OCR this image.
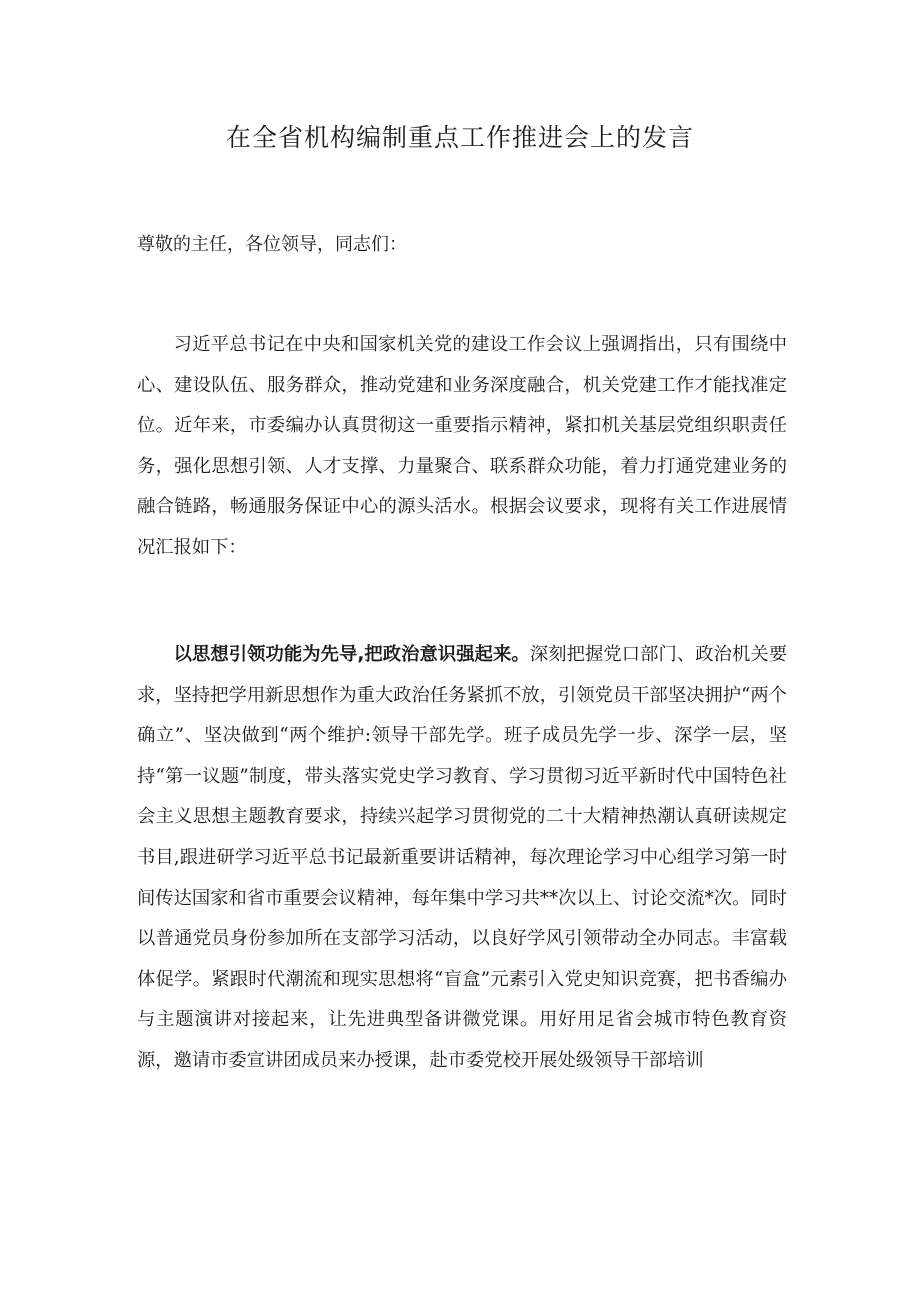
在全省机构编制重点工作推进会上的发言

尊敬的主任，各位领导，同志们：

习近平总书记在中央和国家机关党的建设工作会议上强调指出，只有围绕中心、建设队伍、服务群众，推动党建和业务深度融合，机关党建工作才能找准定位。近年来，市委编办认真贯彻这一重要指示精神，紧扣机关基层党组织职责任务，强化思想引领、人才支撑、力量聚合、联系群众功能，着力打通党建业务的融合链路，畅通服务保证中心的源头活水。根据会议要求，现将有关工作进展情况汇报如下：

以思想引领功能为先导,把政治意识强起来。深刻把握党口部门、政治机关要求，坚持把学用新思想作为重大政治任务紧抓不放，引领党员干部坚决拥护“两个确立”、坚决做到“两个维护:领导干部先学。班子成员先学一步、深学一层，坚持“第一议题”制度，带头落实党史学习教育、学习贯彻习近平新时代中国特色社会主义思想主题教育要求，持续兴起学习贯彻党的二十大精神热潮认真研读规定书目,跟进研学习近平总书记最新重要讲话精神，每次理论学习中心组学习第一时间传达国家和省市重要会议精神，每年集中学习共**次以上、讨论交流*次。同时以普通党员身份参加所在支部学习活动，以良好学风引领带动全办同志。丰富载体促学。紧跟时代潮流和现实思想将“盲盒”元素引入党史知识竞赛，把书香编办与主题演讲对接起来，让先进典型备讲微党课。用好用足省会城市特色教育资源，邀请市委宣讲团成员来办授课，赴市委党校开展处级领导干部培训
